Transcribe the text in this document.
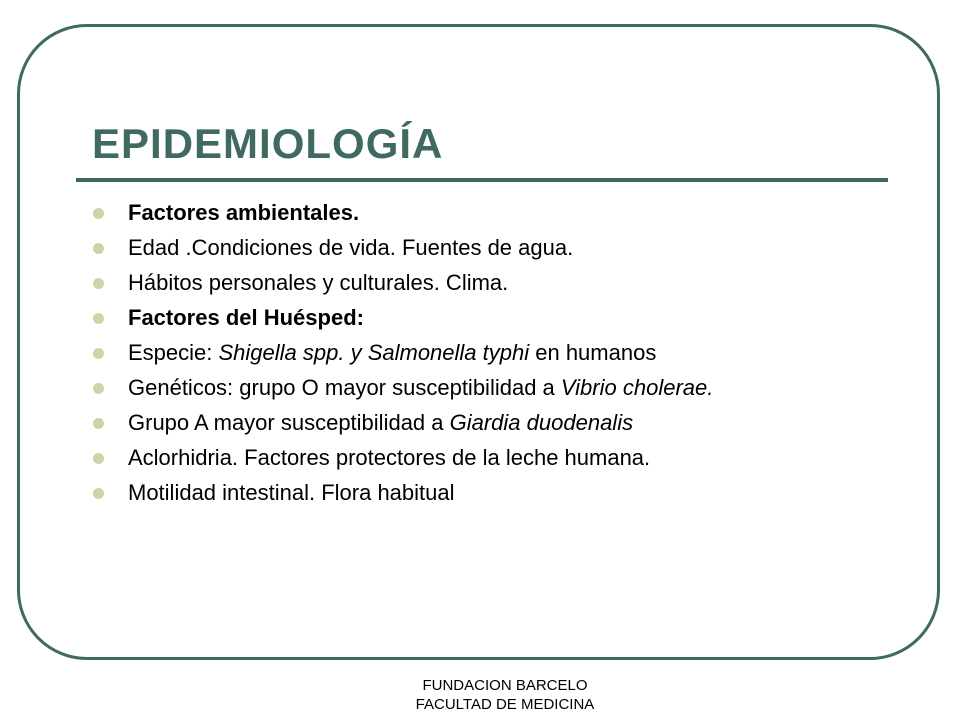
EPIDEMIOLOGÍA
Factores ambientales.
Edad .Condiciones de vida. Fuentes de agua.
Hábitos personales y culturales. Clima.
Factores del Huésped:
Especie: Shigella spp. y Salmonella typhi en humanos
Genéticos: grupo O mayor susceptibilidad a Vibrio cholerae.
Grupo A mayor susceptibilidad a Giardia duodenalis
Aclorhidria. Factores protectores de la leche humana.
Motilidad intestinal. Flora habitual
FUNDACION BARCELO
FACULTAD DE MEDICINA
